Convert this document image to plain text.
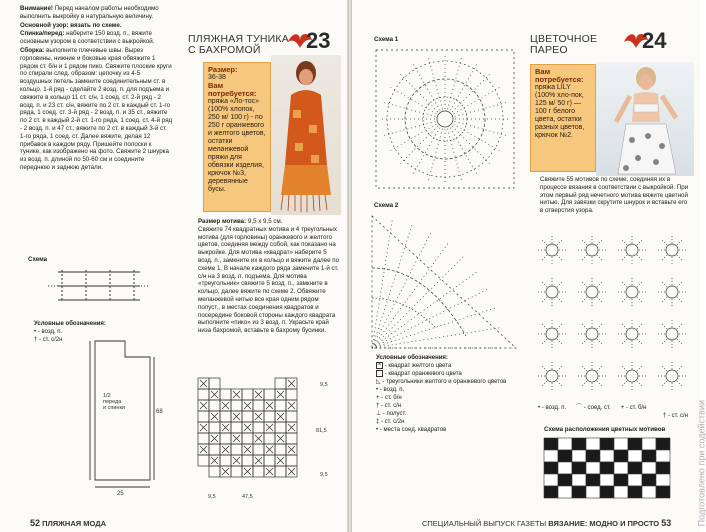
Внимание! Перед началом работы необходимо выполнить выкройку в натуральную величину.

Основной узор: вязать по схеме.

Спинка/перед: наберите 150 возд. п., вяжите основным узором в соответствии с выкройкой.

Сборка: выполните плечевые швы. Вырез горловины, нижние и боковые края обвяжите 1 рядом ст. б/н и 1 рядом пико. Свяжите плоские круги по спирали след. образом: цепочку из 4-5 воздушных петель замкните соединительным ст. в кольцо. 1-й ряд - сделайте 2 возд. п. для подъема и свяжите в кольцо 11 ст. с/н, 1 соед. ст. 2-й ряд - 2 возд. п. и 23 ст. с/н, вяжите по 2 ст. в каждый ст. 1-го ряда, 1 соед. ст. 3-й ряд - 2 возд. п. и 35 ст., вяжите по 2 ст. в каждый 2-й ст. 1-го ряда, 1 соед. ст. 4-й ряд - 2 возд. п. и 47 ст., вяжите по 2 ст. в каждый 3-й ст. 1-го ряда, 1 соед. ст. Далее вяжите, делая 12 прибавок в каждом ряду. Пришейте полоски к тунике, как изображено на фото. Свяжите 2 шнурка из возд. п. длиной по 50-60 см и соедините переднюю и заднюю детали.

Схема
Условные обозначения:
• - возд. п.
† - ст. с/2н
1/2
переда
и спинки
68
25
ПЛЯЖНАЯ ТУНИКА
С БАХРОМОЙ	23
Размер:
36-38
Вам потребуется:
пряжа «Ло-тос» (100% хлопок, 250 м/ 100 г) - по 250 г оранжевого и желтого цветов, остатки меланжевой пряжи для обвязки изделия, крючок №3, деревянные бусы.

Размер мотива: 9,5 х 9,5 см.

Свяжите 74 квадратных мотива и 4 треугольных мотива (для горловины) оранжевого и желтого цветов, соединяя между собой, как показано на выкройке. Для мотива «квадрат» наберите 5 возд. п., замкните их в кольцо и вяжите далее по схеме 1. В начале каждого ряда замените 1-й ст. с/н на 3 возд. п. подъема. Для мотива «треугольник» свяжите 5 возд. п., замкните в кольцо, далее вяжите по схеме 2. Обвяжите меланжевой нитью все края одним рядом полуст., в местах соединения квадратов и посередине боковой стороны каждого квадрата выполните «пико» из 3 возд. п. Украсьте край низа бахромой, вставьте в бахрому бусинки.

9,5
81,5
9,5
47,5
9,5
52 ПЛЯЖНАЯ МОДА
Схема 1
Схема 2
Условные обозначения:
× - квадрат желтого цвета
- квадрат оранжевого цвета
◺ - треугольники желтого и оранжевого цветов
• - возд. п.
+ - ст. б/н
† - ст. с/н
⊥ - полуст.
‡ - ст. с/2н
• - места соед. квадратов
ЦВЕТОЧНОЕ
ПАРЕО	24
Вам потребуется:
пряжа LILY (100% хло-пок, 125 м/ 50 г) — 100 г белого цвета, остатки разных цветов, крючок №2.

Свяжите 55 мотивов по схеме, соединяя их в процессе вязания в соответствии с выкройкой. При этом первый ряд нечетного мотива вяжите цветной нитью. Для завязки скрутите шнурок и вставьте его в отверстия узора.

• - возд. п. ⌒ - соед. ст. + - ст. б/н
† - ст. с/н
Схема расположения цветных мотивов
СПЕЦИАЛЬНЫЙ ВЫПУСК ГАЗЕТЫ ВЯЗАНИЕ: МОДНО И ПРОСТО 53	Подготовлено при содействии
